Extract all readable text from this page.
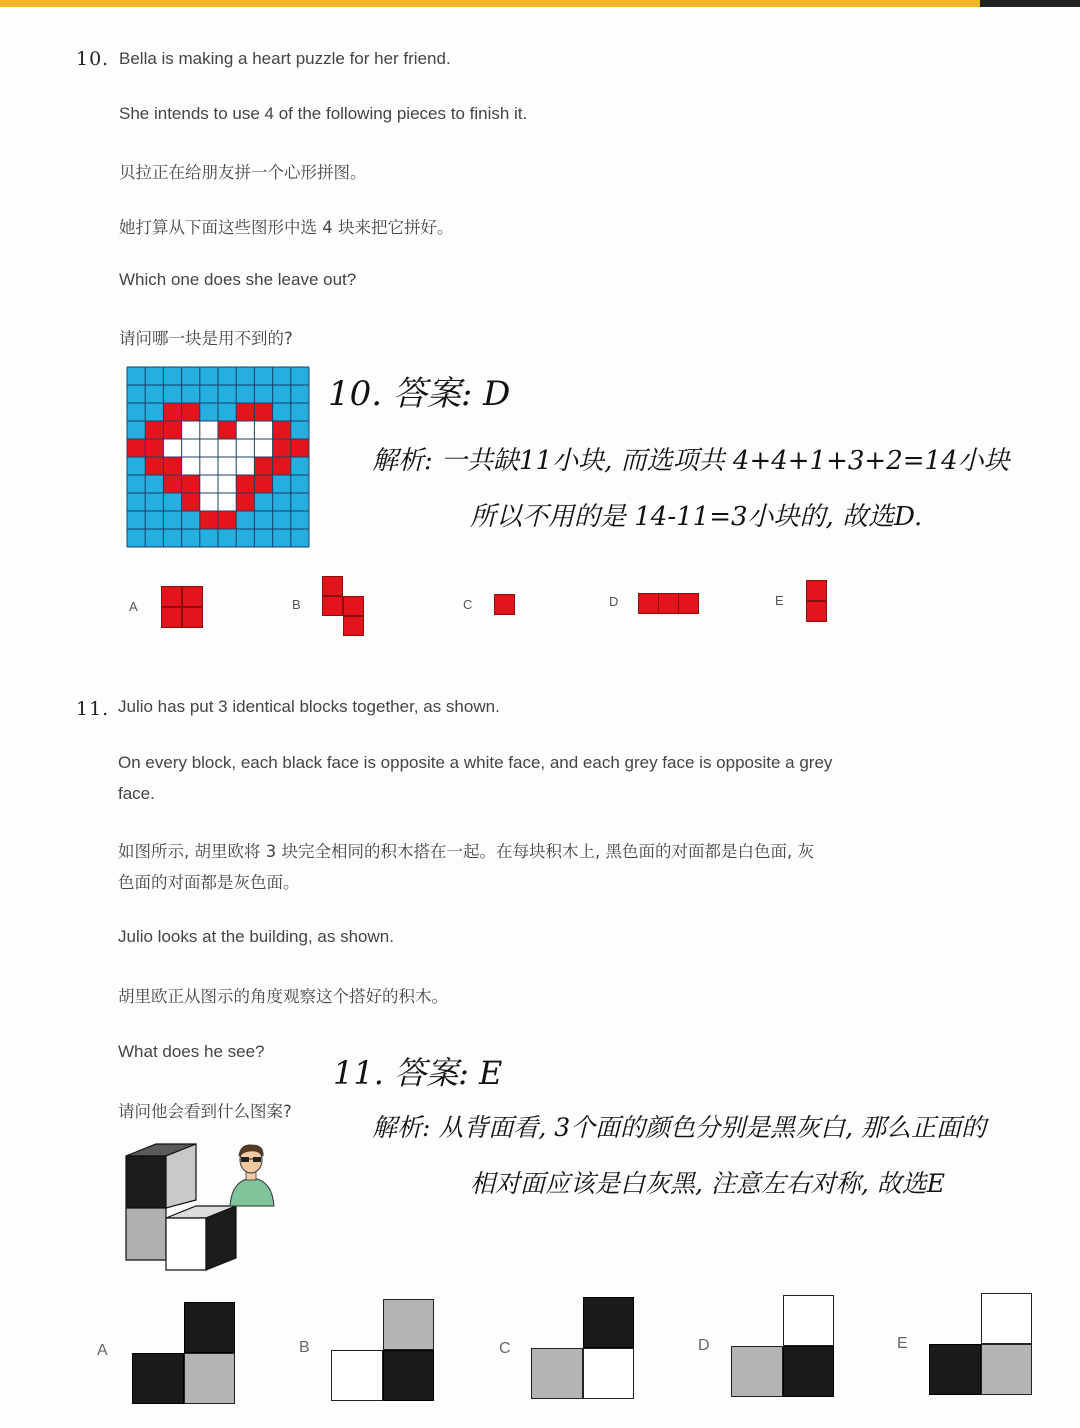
10. Bella is making a heart puzzle for her friend.
She intends to use 4 of the following pieces to finish it.
贝拉正在给朋友拼一个心形拼图。
她打算从下面这些图形中选 4 块来把它拼好。
Which one does she leave out?
请问哪一块是用不到的?
10. 答案: D
解析: 一共缺11小块, 而选项共 4+4+1+3+2=14小块
所以不用的是 14-11=3小块的, 故选D.
A	B	C	D	E
11. Julio has put 3 identical blocks together, as shown.
On every block, each black face is opposite a white face, and each grey face is opposite a grey
face.
如图所示, 胡里欧将 3 块完全相同的积木搭在一起。在每块积木上, 黑色面的对面都是白色面, 灰
色面的对面都是灰色面。
Julio looks at the building, as shown.
胡里欧正从图示的角度观察这个搭好的积木。
What does he see?
请问他会看到什么图案?
11. 答案: E
解析: 从背面看, 3个面的颜色分别是黑灰白, 那么正面的
相对面应该是白灰黑, 注意左右对称, 故选E
A	B	C	D	E
